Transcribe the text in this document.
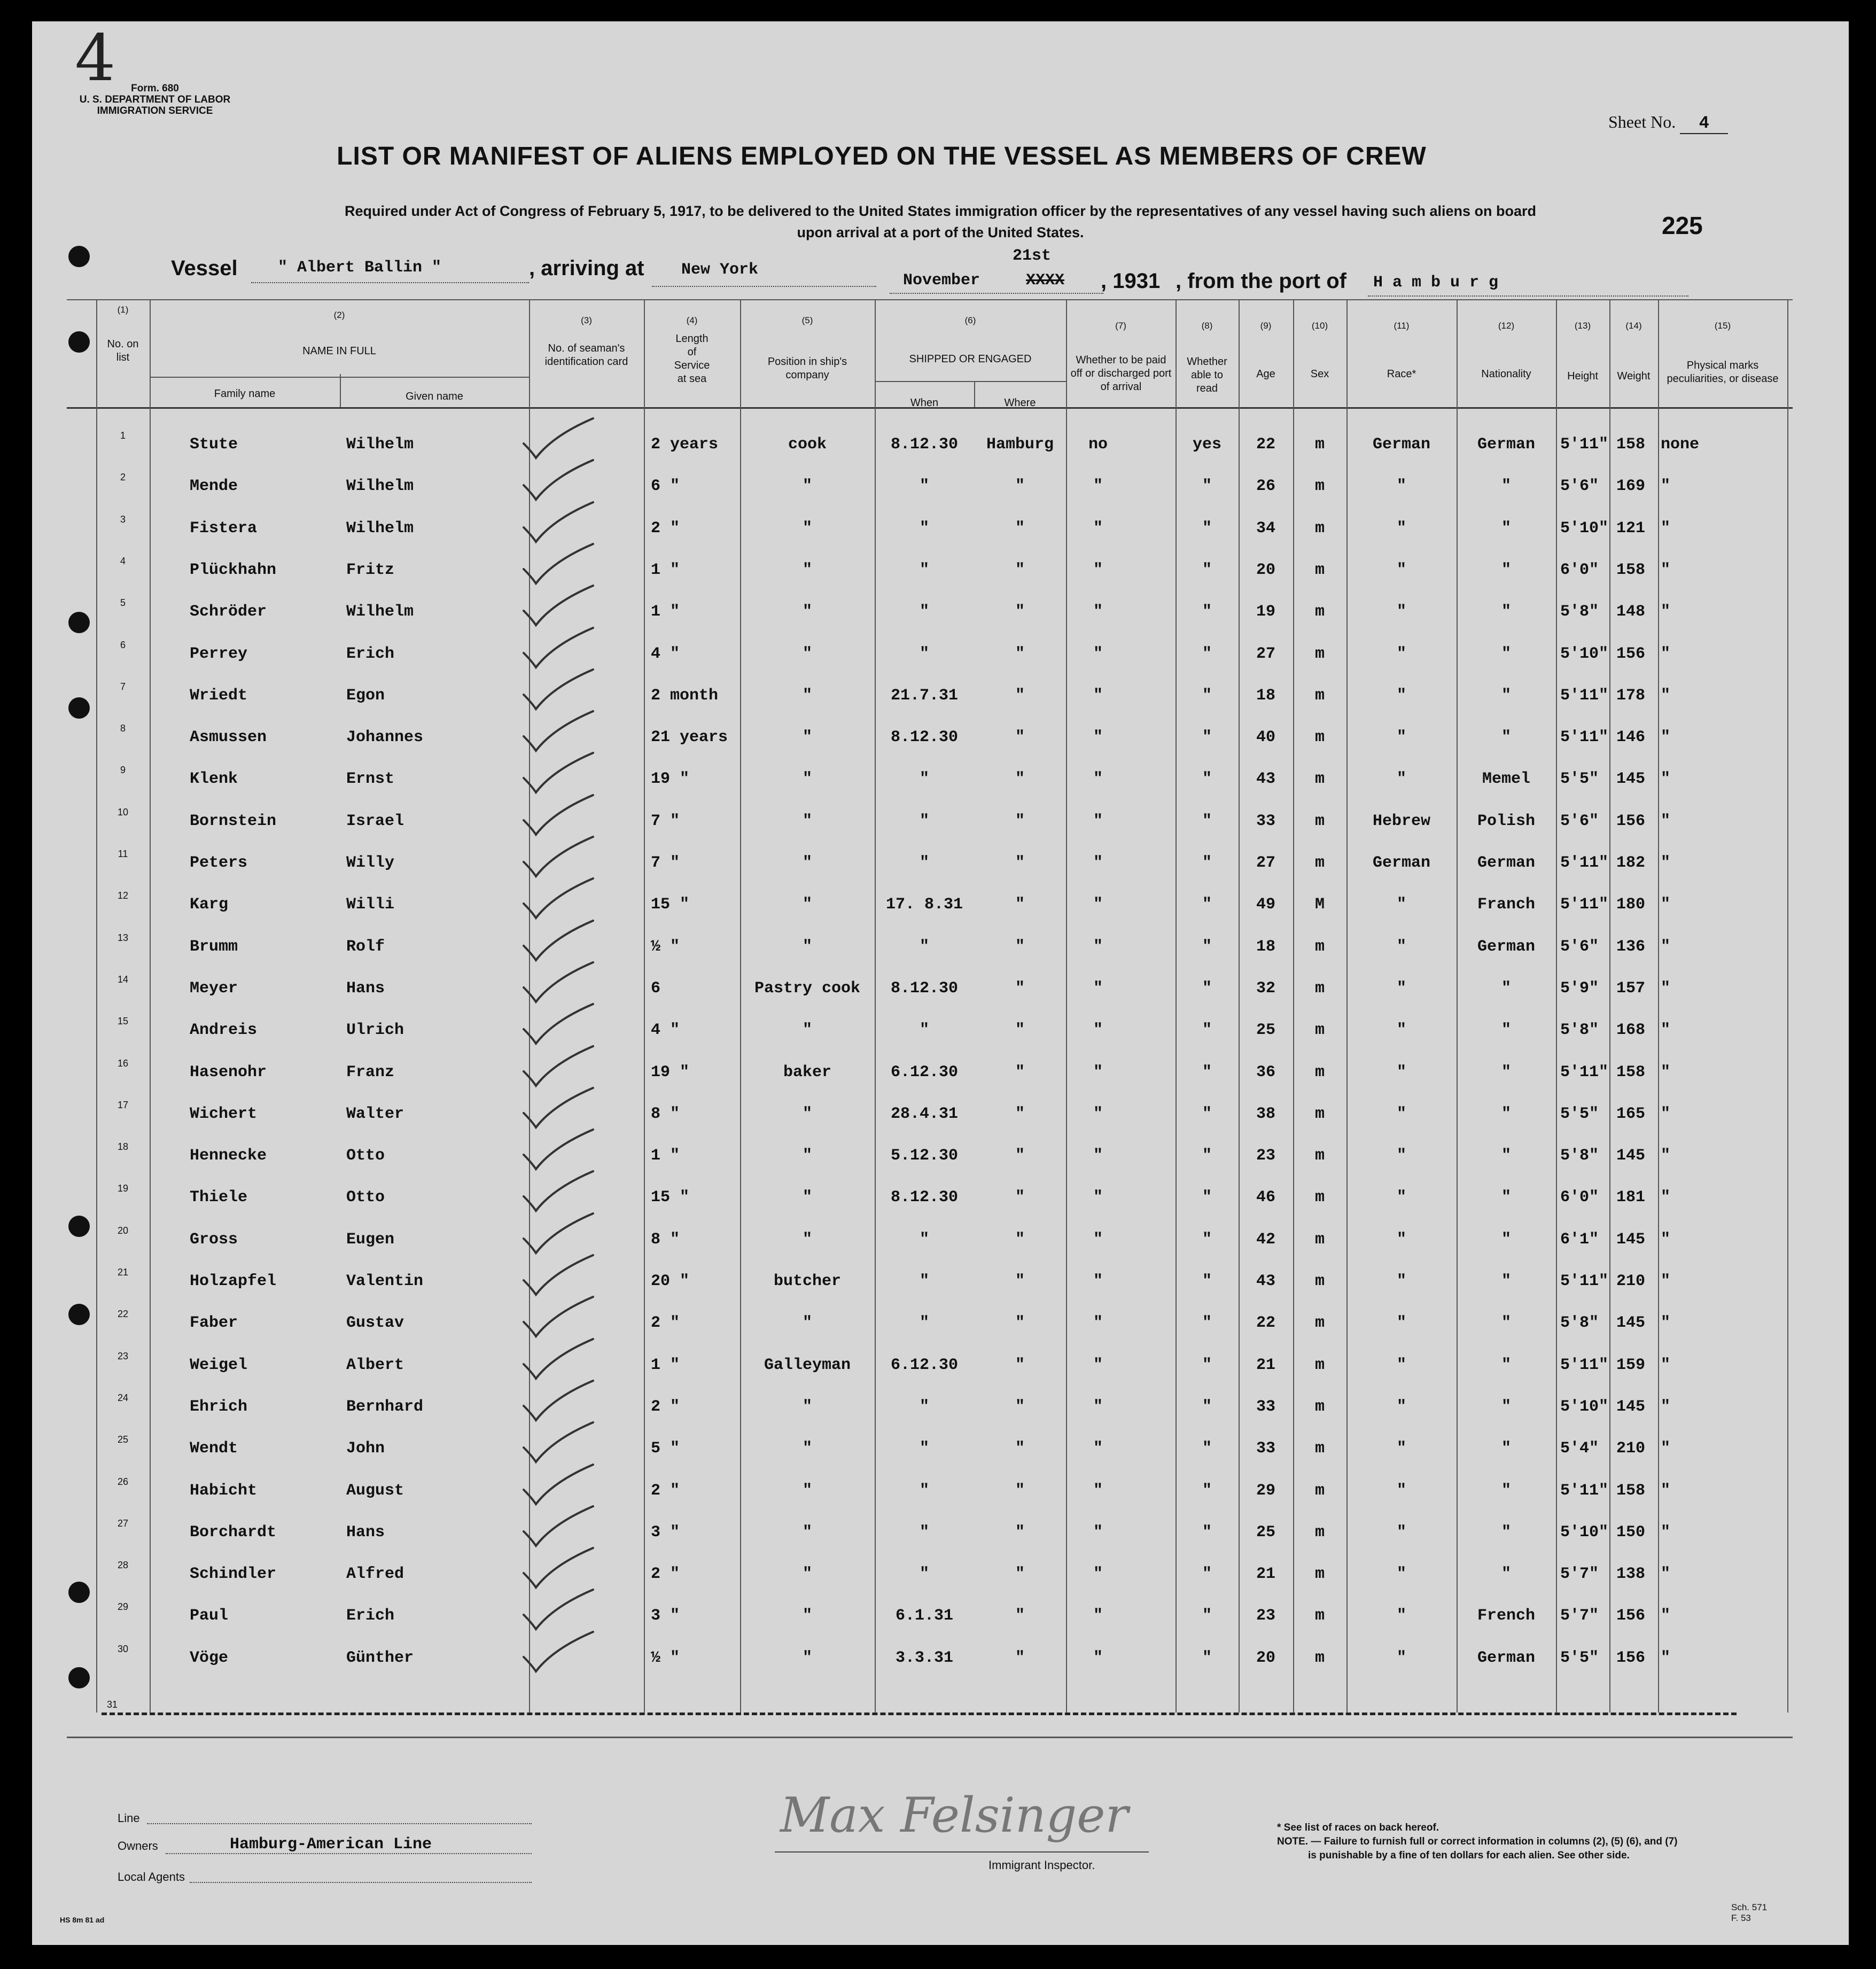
4	Form. 680
U. S. DEPARTMENT OF LABOR
IMMIGRATION SERVICE
Sheet No. 4
LIST OR MANIFEST OF ALIENS EMPLOYED ON THE VESSEL AS MEMBERS OF CREW
Required under Act of Congress of February 5, 1917, to be delivered to the United States immigration officer by the representatives of any vessel having such aliens on board
upon arrival at a port of the United States.	225
Vessel	" Albert Ballin "	, arriving at New York
21st
November	XXXX , 1931 , from the port of H a m b u r g
(1)
No. on list
(2)
NAME IN FULL
Family name	Given name
(3)
No. of seaman's identification card
(4)
Length of Service at sea
(5)
Position in ship's company
(6)
SHIPPED OR ENGAGED
When	Where
(7)
Whether to be paid off or discharged port of arrival
(8)
Whether able to read
(9)
Age
(10)
Sex
(11)
Race*
(12)
Nationality
(13)
Height
(14)
Weight
(15)
Physical marks peculiarities, or disease
1	Stute	Wilhelm	2 years	cook	8.12.30	Hamburg	no	yes	22	m	German	German	5'11" 158 none
2	Mende	Wilhelm	6 "	"	"	"	"	"	26	m	"	"	5'6" 169 "
3	Fistera	Wilhelm	2 "	"	"	"	"	"	34	m	"	"	5'10" 121 "
4	Plückhahn	Fritz	1 "	"	"	"	"	"	20	m	"	"	6'0" 158 "
5	Schröder	Wilhelm	1 "	"	"	"	"	"	19	m	"	"	5'8" 148 "
6	Perrey	Erich	4 "	"	"	"	"	"	27	m	"	"	5'10" 156 "
7	Wriedt	Egon	2 month	"	21.7.31	"	"	"	18	m	"	"	5'11" 178 "
8	Asmussen	Johannes	21 years	"	8.12.30	"	"	"	40	m	"	"	5'11" 146 "
9	Klenk	Ernst	19 "	"	"	"	"	"	43	m	"	Memel	5'5" 145 "
10	Bornstein	Israel	7 "	"	"	"	"	"	33	m	Hebrew	Polish	5'6" 156 "
11	Peters	Willy	7 "	"	"	"	"	"	27	m	German	German	5'11" 182 "
12	Karg	Willi	15 "	"	17. 8.31	"	"	"	49	M	"	Franch	5'11" 180 "
13	Brumm	Rolf	½ "	"	"	"	"	"	18	m	"	German	5'6" 136 "
14	Meyer	Hans	6	Pastry cook	8.12.30	"	"	"	32	m	"	"	5'9" 157 "
15	Andreis	Ulrich	4 "	"	"	"	"	"	25	m	"	"	5'8" 168 "
16	Hasenohr	Franz	19 "	baker	6.12.30	"	"	"	36	m	"	"	5'11" 158 "
17	Wichert	Walter	8 "	"	28.4.31	"	"	"	38	m	"	"	5'5" 165 "
18	Hennecke	Otto	1 "	"	5.12.30	"	"	"	23	m	"	"	5'8" 145 "
19	Thiele	Otto	15 "	"	8.12.30	"	"	"	46	m	"	"	6'0" 181 "
20	Gross	Eugen	8 "	"	"	"	"	"	42	m	"	"	6'1" 145 "
21	Holzapfel	Valentin	20 "	butcher	"	"	"	"	43	m	"	"	5'11" 210 "
22	Faber	Gustav	2 "	"	"	"	"	"	22	m	"	"	5'8" 145 "
23	Weigel	Albert	1 "	Galleyman	6.12.30	"	"	"	21	m	"	"	5'11" 159 "
24	Ehrich	Bernhard	2 "	"	"	"	"	"	33	m	"	"	5'10" 145 "
25	Wendt	John	5 "	"	"	"	"	"	33	m	"	"	5'4" 210 "
26	Habicht	August	2 "	"	"	"	"	"	29	m	"	"	5'11" 158 "
27	Borchardt	Hans	3 "	"	"	"	"	"	25	m	"	"	5'10" 150 "
28	Schindler	Alfred	2 "	"	"	"	"	"	21	m	"	"	5'7" 138 "
29	Paul	Erich	3 "	"	6.1.31	"	"	"	23	m	"	French	5'7" 156 "
30	Vöge	Günther	½ "	"	3.3.31	"	"	"	20	m	"	German	5'5" 156 "
31
Line
Owners	Hamburg-American Line
Local Agents
Max Felsinger
Immigrant Inspector.
* See list of races on back hereof.
NOTE. — Failure to furnish full or correct information in columns (2), (5) (6), and (7)
is punishable by a fine of ten dollars for each alien. See other side.
Sch. 571
F. 53
HS 8m 81 ad
